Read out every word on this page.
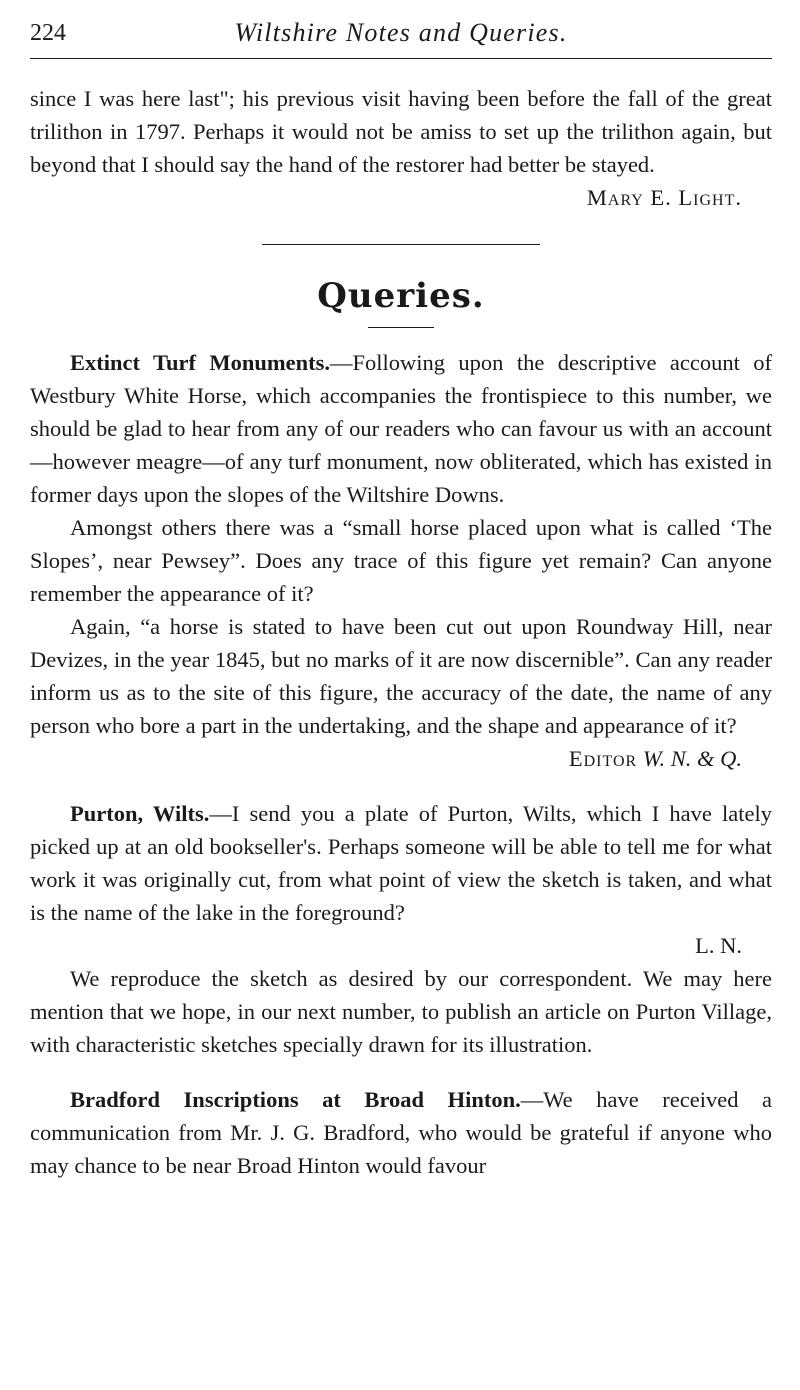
224	Wiltshire Notes and Queries.

since I was here last"; his previous visit having been before the fall of the great trilithon in 1797. Perhaps it would not be amiss to set up the trilithon again, but beyond that I should say the hand of the restorer had better be stayed.

Mary E. Light.

Queries.

Extinct Turf Monuments.—Following upon the descriptive account of Westbury White Horse, which accompanies the frontispiece to this number, we should be glad to hear from any of our readers who can favour us with an account—however meagre—of any turf monument, now obliterated, which has existed in former days upon the slopes of the Wiltshire Downs.

Amongst others there was a “small horse placed upon what is called ‘The Slopes’, near Pewsey”. Does any trace of this figure yet remain? Can anyone remember the appearance of it?

Again, “a horse is stated to have been cut out upon Roundway Hill, near Devizes, in the year 1845, but no marks of it are now discernible”. Can any reader inform us as to the site of this figure, the accuracy of the date, the name of any person who bore a part in the undertaking, and the shape and appearance of it?

Editor W. N. & Q.

Purton, Wilts.—I send you a plate of Purton, Wilts, which I have lately picked up at an old bookseller's. Perhaps someone will be able to tell me for what work it was originally cut, from what point of view the sketch is taken, and what is the name of the lake in the foreground?

L. N.

We reproduce the sketch as desired by our correspondent. We may here mention that we hope, in our next number, to publish an article on Purton Village, with characteristic sketches specially drawn for its illustration.

Bradford Inscriptions at Broad Hinton.—We have received a communication from Mr. J. G. Bradford, who would be grateful if anyone who may chance to be near Broad Hinton would favour
